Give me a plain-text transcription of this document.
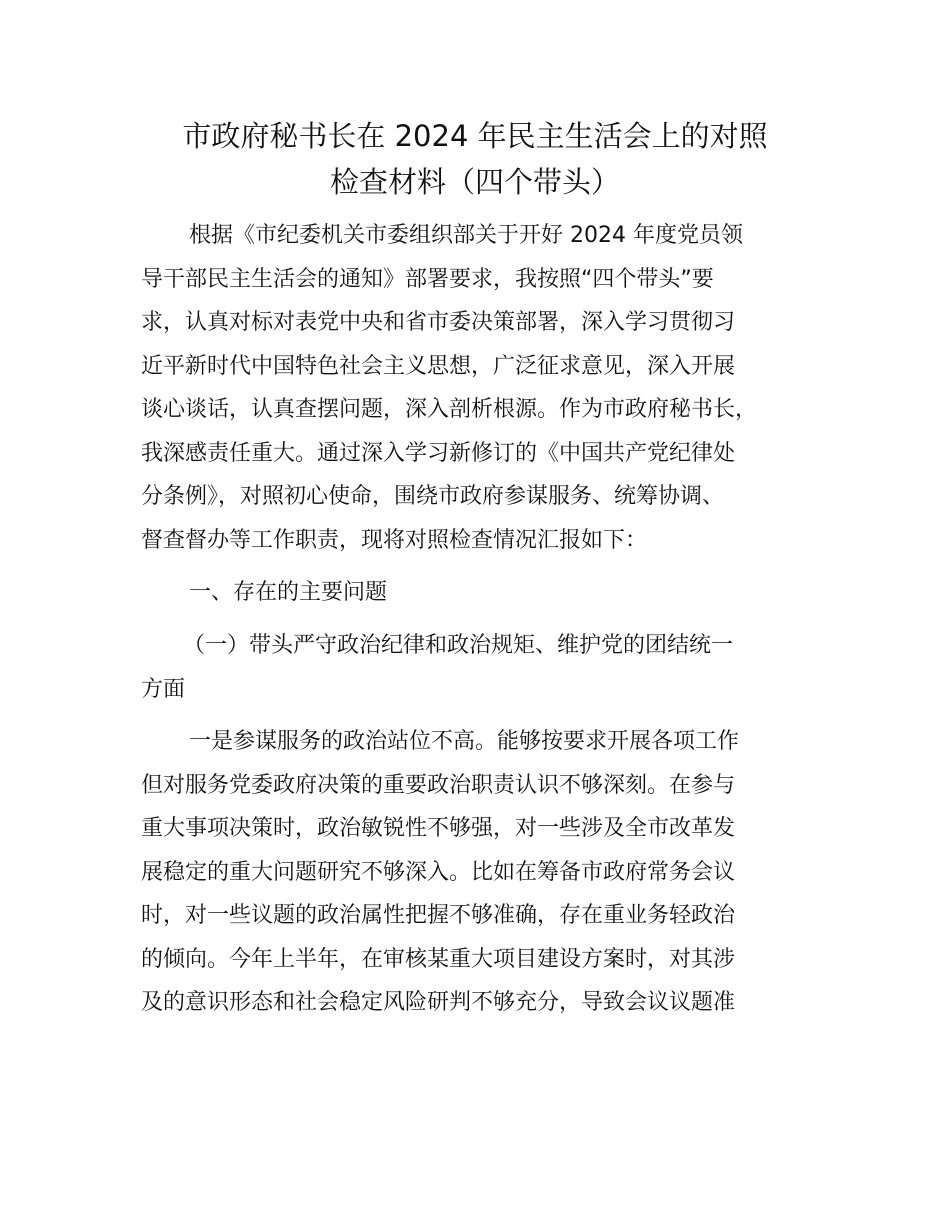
市政府秘书长在 2024 年民主生活会上的对照
检查材料（四个带头）
根据《市纪委机关市委组织部关于开好 2024 年度党员领
导干部民主生活会的通知》部署要求，我按照“四个带头”要
求，认真对标对表党中央和省市委决策部署，深入学习贯彻习
近平新时代中国特色社会主义思想，广泛征求意见，深入开展
谈心谈话，认真查摆问题，深入剖析根源。作为市政府秘书长，
我深感责任重大。通过深入学习新修订的《中国共产党纪律处
分条例》，对照初心使命，围绕市政府参谋服务、统筹协调、
督查督办等工作职责，现将对照检查情况汇报如下：
一、存在的主要问题
（一）带头严守政治纪律和政治规矩、维护党的团结统一
方面
一是参谋服务的政治站位不高。能够按要求开展各项工作
但对服务党委政府决策的重要政治职责认识不够深刻。在参与
重大事项决策时，政治敏锐性不够强，对一些涉及全市改革发
展稳定的重大问题研究不够深入。比如在筹备市政府常务会议
时，对一些议题的政治属性把握不够准确，存在重业务轻政治
的倾向。今年上半年，在审核某重大项目建设方案时，对其涉
及的意识形态和社会稳定风险研判不够充分，导致会议议题准
